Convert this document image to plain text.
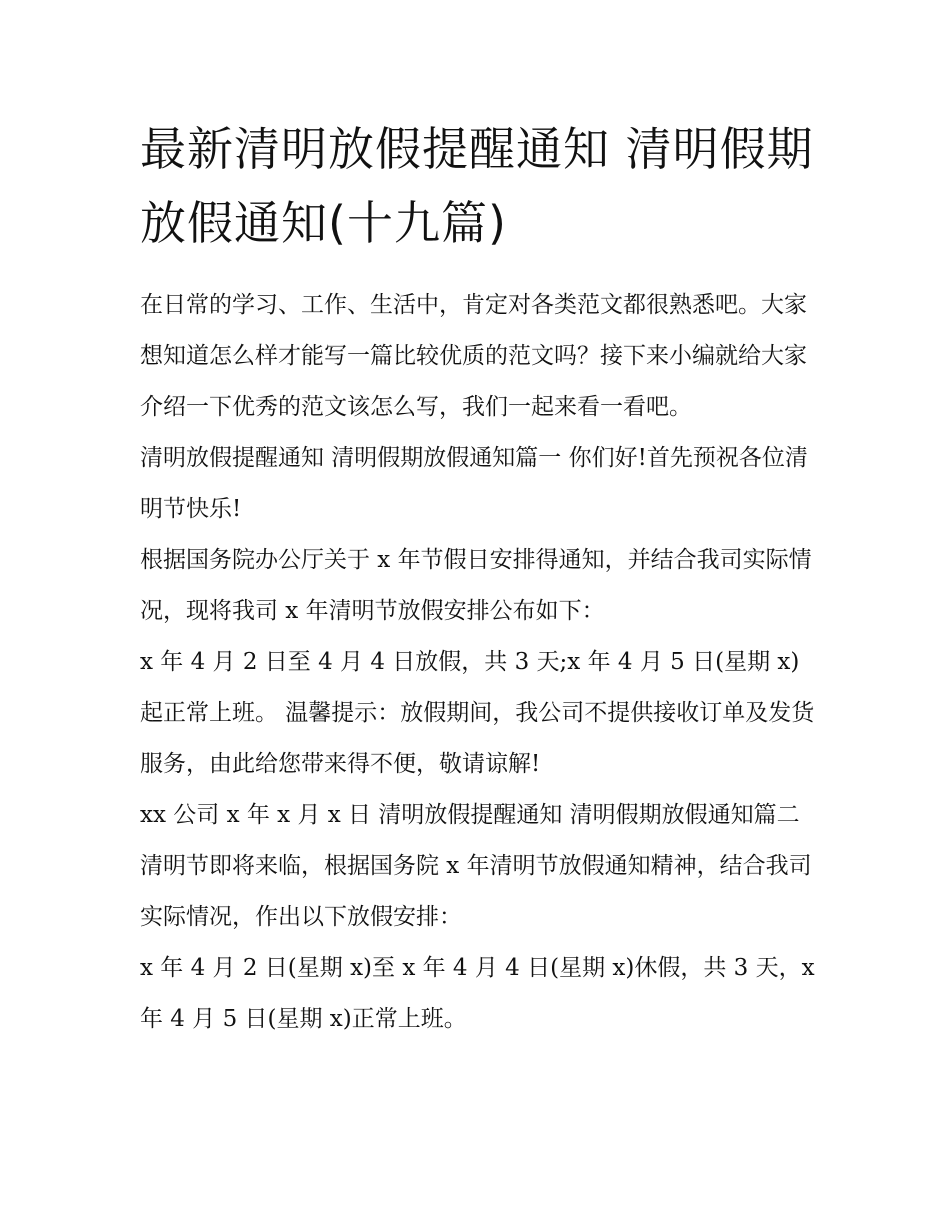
最新清明放假提醒通知 清明假期放假通知(十九篇)

在日常的学习、工作、生活中，肯定对各类范文都很熟悉吧。大家想知道怎么样才能写一篇比较优质的范文吗？接下来小编就给大家介绍一下优秀的范文该怎么写，我们一起来看一看吧。

清明放假提醒通知 清明假期放假通知篇一 你们好!首先预祝各位清明节快乐!

根据国务院办公厅关于 x 年节假日安排得通知，并结合我司实际情况，现将我司 x 年清明节放假安排公布如下：

x 年 4 月 2 日至 4 月 4 日放假，共 3 天;x 年 4 月 5 日(星期 x)起正常上班。 温馨提示：放假期间，我公司不提供接收订单及发货服务，由此给您带来得不便，敬请谅解!

xx 公司 x 年 x 月 x 日 清明放假提醒通知 清明假期放假通知篇二 清明节即将来临，根据国务院 x 年清明节放假通知精神，结合我司实际情况，作出以下放假安排：

x 年 4 月 2 日(星期 x)至 x 年 4 月 4 日(星期 x)休假，共 3 天，x 年 4 月 5 日(星期 x)正常上班。
